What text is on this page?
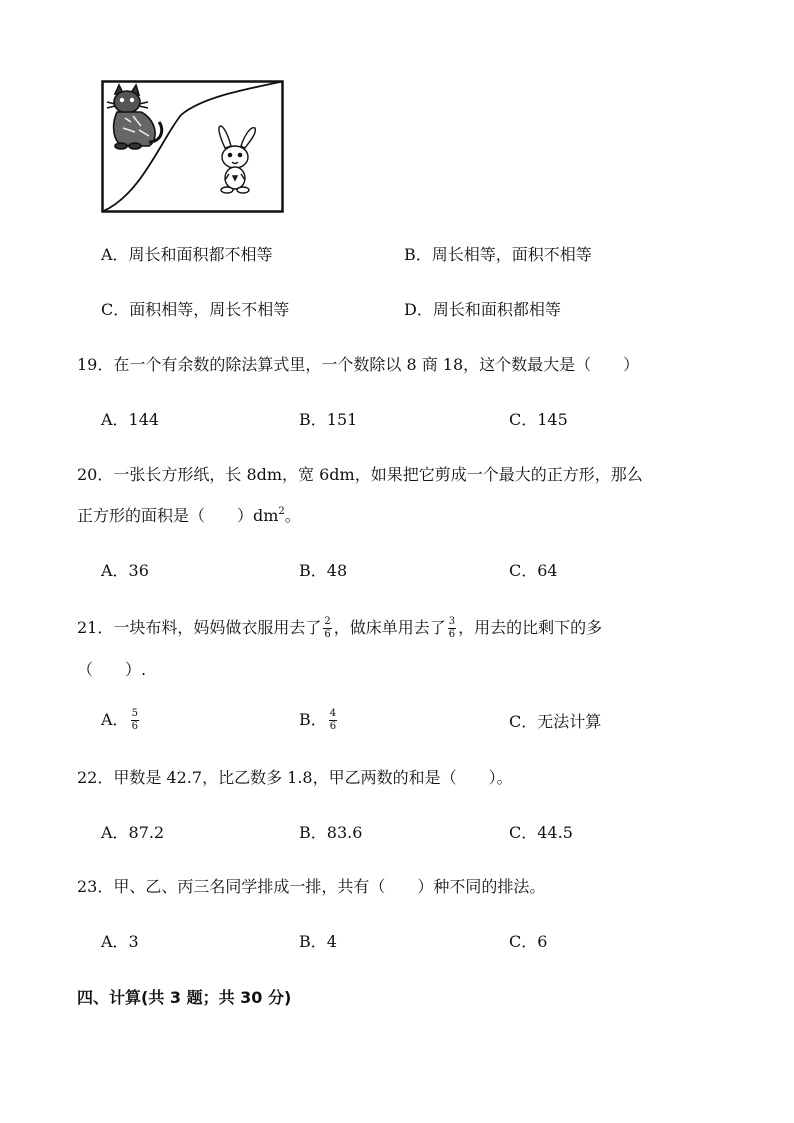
A．周长和面积都不相等	B．周长相等，面积不相等
C．面积相等，周长不相等	D．周长和面积都相等
19．在一个有余数的除法算式里，一个数除以 8 商 18，这个数最大是（　　）
A．144	B．151	C．145
20．一张长方形纸，长 8dm，宽 6dm，如果把它剪成一个最大的正方形，那么
正方形的面积是（　　）$dm^2$。
A．36	B．48	C．64
21．一块布料，妈妈做衣服用去了 $\frac{2}{6}$ ，做床单用去了 $\frac{3}{6}$ ，用去的比剩下的多
（　　）.
A． $\frac{5}{6}$	B． $\frac{4}{6}$	C．无法计算
22．甲数是 42.7，比乙数多 1.8，甲乙两数的和是（　　）。
A．87.2	B．83.6	C．44.5
23．甲、乙、丙三名同学排成一排，共有（　　）种不同的排法。
A．3	B．4	C．6
四、计算(共 3 题；共 30 分)
